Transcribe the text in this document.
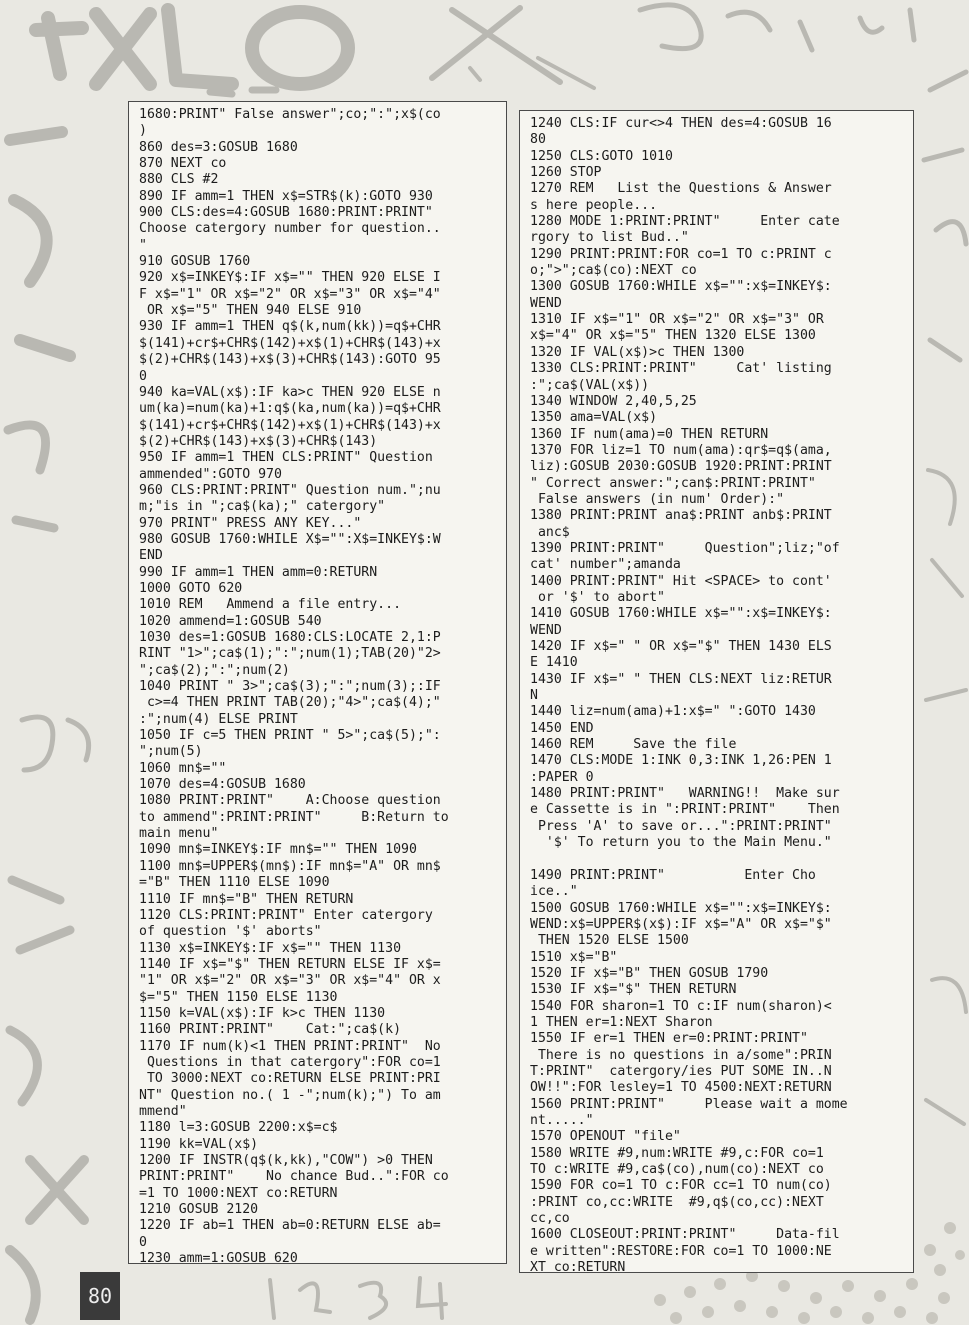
1680:PRINT" False answer";co;":";x$(co
)
860 des=3:GOSUB 1680
870 NEXT co
880 CLS #2
890 IF amm=1 THEN x$=STR$(k):GOTO 930
900 CLS:des=4:GOSUB 1680:PRINT:PRINT"
Choose catergory number for question..
"
910 GOSUB 1760
920 x$=INKEY$:IF x$="" THEN 920 ELSE I
F x$="1" OR x$="2" OR x$="3" OR x$="4"
OR x$="5" THEN 940 ELSE 910
930 IF amm=1 THEN q$(k,num(kk))=q$+CHR
$(141)+cr$+CHR$(142)+x$(1)+CHR$(143)+x
$(2)+CHR$(143)+x$(3)+CHR$(143):GOTO 95
0
940 ka=VAL(x$):IF ka>c THEN 920 ELSE n
um(ka)=num(ka)+1:q$(ka,num(ka))=q$+CHR
$(141)+cr$+CHR$(142)+x$(1)+CHR$(143)+x
$(2)+CHR$(143)+x$(3)+CHR$(143)
950 IF amm=1 THEN CLS:PRINT" Question
ammended":GOTO 970
960 CLS:PRINT:PRINT" Question num.";nu
m;"is in ";ca$(ka);" catergory"
970 PRINT" PRESS ANY KEY..."
980 GOSUB 1760:WHILE X$="":X$=INKEY$:W
END
990 IF amm=1 THEN amm=0:RETURN
1000 GOTO 620
1010 REM   Ammend a file entry...
1020 ammend=1:GOSUB 540
1030 des=1:GOSUB 1680:CLS:LOCATE 2,1:P
RINT "1>";ca$(1);":";num(1);TAB(20)"2>
";ca$(2);":";num(2)
1040 PRINT " 3>";ca$(3);":";num(3);:IF
c>=4 THEN PRINT TAB(20);"4>";ca$(4);"
:";num(4) ELSE PRINT
1050 IF c=5 THEN PRINT " 5>";ca$(5);":
";num(5)
1060 mn$=""
1070 des=4:GOSUB 1680
1080 PRINT:PRINT"    A:Choose question
to ammend":PRINT:PRINT"     B:Return to
main menu"
1090 mn$=INKEY$:IF mn$="" THEN 1090
1100 mn$=UPPER$(mn$):IF mn$="A" OR mn$
="B" THEN 1110 ELSE 1090
1110 IF mn$="B" THEN RETURN
1120 CLS:PRINT:PRINT" Enter catergory
of question '$' aborts"
1130 x$=INKEY$:IF x$="" THEN 1130
1140 IF x$="$" THEN RETURN ELSE IF x$=
"1" OR x$="2" OR x$="3" OR x$="4" OR x
$="5" THEN 1150 ELSE 1130
1150 k=VAL(x$):IF k>c THEN 1130
1160 PRINT:PRINT"    Cat:";ca$(k)
1170 IF num(k)<1 THEN PRINT:PRINT"  No
Questions in that catergory":FOR co=1
TO 3000:NEXT co:RETURN ELSE PRINT:PRI
NT" Question no.( 1 -";num(k);") To am
mmend"
1180 l=3:GOSUB 2200:x$=c$
1190 kk=VAL(x$)
1200 IF INSTR(q$(k,kk),"COW") >0 THEN
PRINT:PRINT"    No chance Bud..":FOR co
=1 TO 1000:NEXT co:RETURN
1210 GOSUB 2120
1220 IF ab=1 THEN ab=0:RETURN ELSE ab=
0
1230 amm=1:GOSUB 620
1240 CLS:IF cur<>4 THEN des=4:GOSUB 16
80
1250 CLS:GOTO 1010
1260 STOP
1270 REM   List the Questions & Answer
s here people...
1280 MODE 1:PRINT:PRINT"     Enter cate
rgory to list Bud.."
1290 PRINT:PRINT:FOR co=1 TO c:PRINT c
o;">";ca$(co):NEXT co
1300 GOSUB 1760:WHILE x$="":x$=INKEY$:
WEND
1310 IF x$="1" OR x$="2" OR x$="3" OR
x$="4" OR x$="5" THEN 1320 ELSE 1300
1320 IF VAL(x$)>c THEN 1300
1330 CLS:PRINT:PRINT"     Cat' listing
:";ca$(VAL(x$))
1340 WINDOW 2,40,5,25
1350 ama=VAL(x$)
1360 IF num(ama)=0 THEN RETURN
1370 FOR liz=1 TO num(ama):qr$=q$(ama,
liz):GOSUB 2030:GOSUB 1920:PRINT:PRINT
" Correct answer:";can$:PRINT:PRINT"
False answers (in num' Order):"
1380 PRINT:PRINT ana$:PRINT anb$:PRINT
anc$
1390 PRINT:PRINT"     Question";liz;"of
cat' number";amanda
1400 PRINT:PRINT" Hit <SPACE> to cont'
or '$' to abort"
1410 GOSUB 1760:WHILE x$="":x$=INKEY$:
WEND
1420 IF x$=" " OR x$="$" THEN 1430 ELS
E 1410
1430 IF x$=" " THEN CLS:NEXT liz:RETUR
N
1440 liz=num(ama)+1:x$=" ":GOTO 1430
1450 END
1460 REM     Save the file
1470 CLS:MODE 1:INK 0,3:INK 1,26:PEN 1
:PAPER 0
1480 PRINT:PRINT"   WARNING!!  Make sur
e Cassette is in ":PRINT:PRINT"    Then
Press 'A' to save or...":PRINT:PRINT"
'$' To return you to the Main Menu."

1490 PRINT:PRINT"          Enter Cho
ice.."
1500 GOSUB 1760:WHILE x$="":x$=INKEY$:
WEND:x$=UPPER$(x$):IF x$="A" OR x$="$"
THEN 1520 ELSE 1500
1510 x$="B"
1520 IF x$="B" THEN GOSUB 1790
1530 IF x$="$" THEN RETURN
1540 FOR sharon=1 TO c:IF num(sharon)<
1 THEN er=1:NEXT Sharon
1550 IF er=1 THEN er=0:PRINT:PRINT"
There is no questions in a/some":PRIN
T:PRINT"  catergory/ies PUT SOME IN..N
OW!!":FOR lesley=1 TO 4500:NEXT:RETURN
1560 PRINT:PRINT"     Please wait a mome
nt....."
1570 OPENOUT "file"
1580 WRITE #9,num:WRITE #9,c:FOR co=1
TO c:WRITE #9,ca$(co),num(co):NEXT co
1590 FOR co=1 TO c:FOR cc=1 TO num(co)
:PRINT co,cc:WRITE  #9,q$(co,cc):NEXT
cc,co
1600 CLOSEOUT:PRINT:PRINT"     Data-fil
e written":RESTORE:FOR co=1 TO 1000:NE
XT co:RETURN
80
